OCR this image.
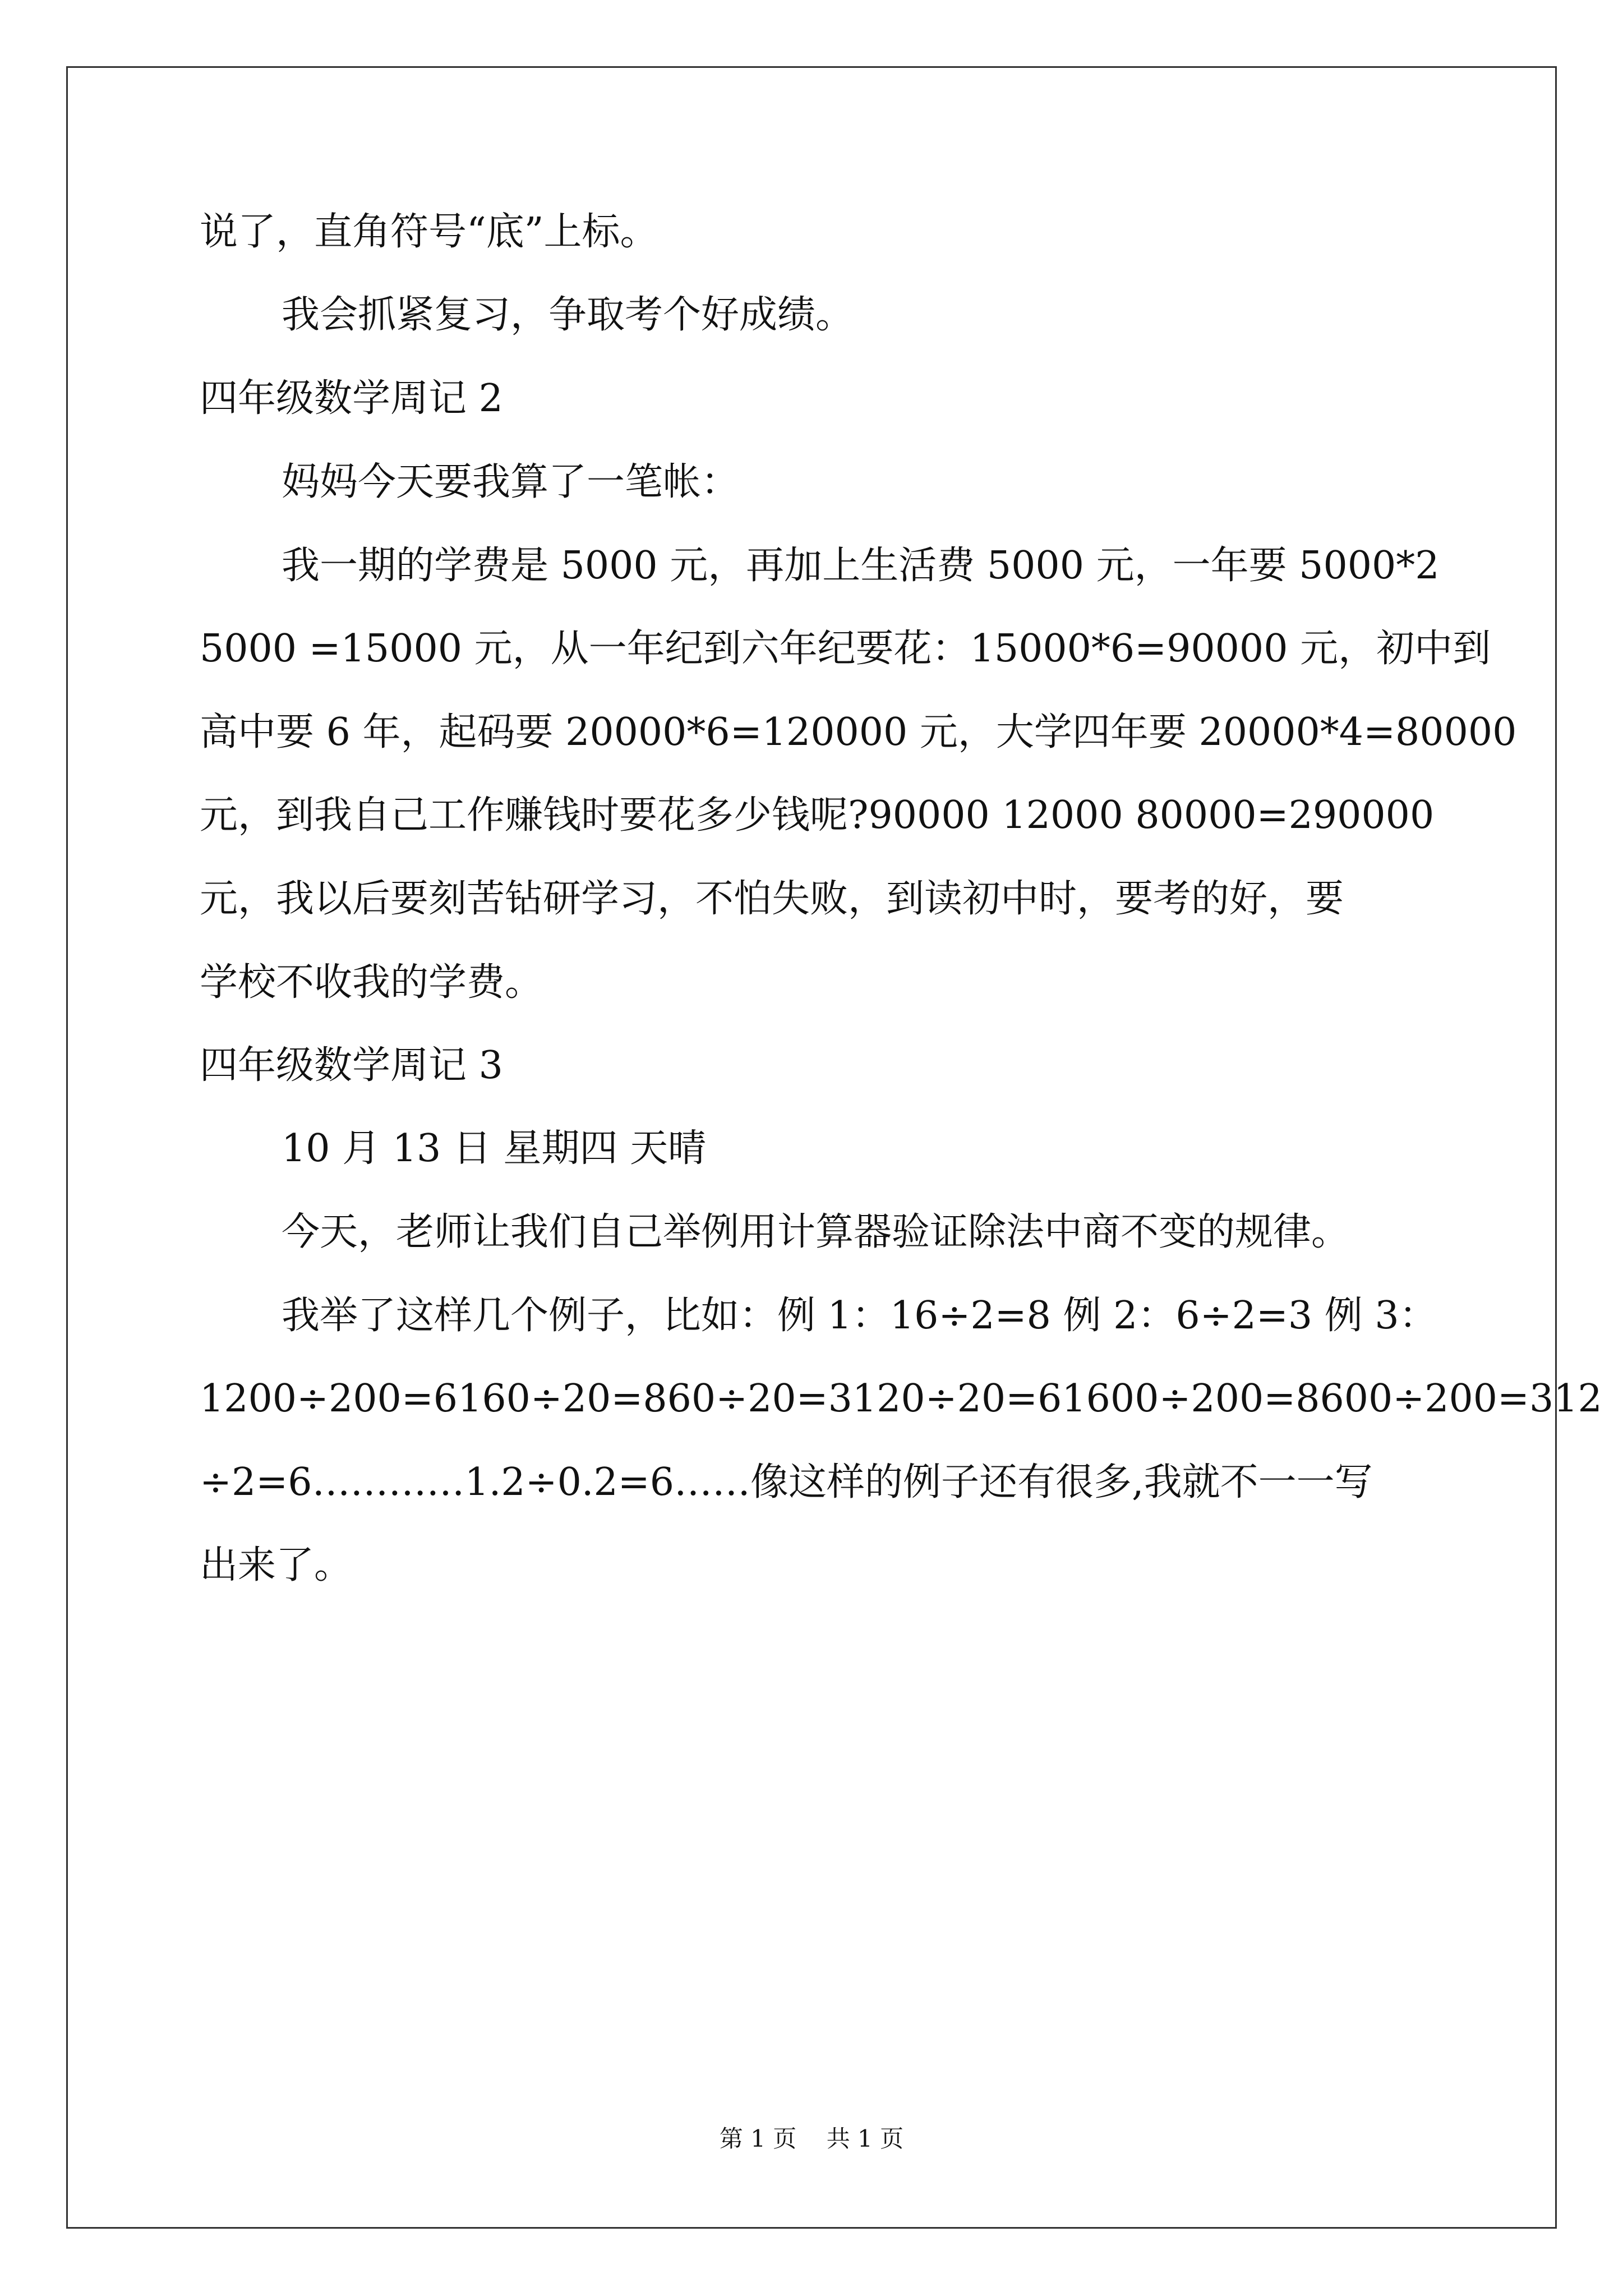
说了，直角符号“底”上标。
我会抓紧复习，争取考个好成绩。
四年级数学周记 2
妈妈今天要我算了一笔帐：
我一期的学费是 5000 元，再加上生活费 5000 元，一年要 5000*2
5000 =15000 元，从一年纪到六年纪要花：15000*6=90000 元，初中到
高中要 6 年，起码要 20000*6=120000 元，大学四年要 20000*4=80000
元，到我自己工作赚钱时要花多少钱呢?90000 12000 80000=290000
元，我以后要刻苦钻研学习，不怕失败，到读初中时，要考的好，要
学校不收我的学费。
四年级数学周记 3
10 月 13 日 星期四 天晴
今天，老师让我们自己举例用计算器验证除法中商不变的规律。
我举了这样几个例子，比如：例 1：16÷2=8 例 2：6÷2=3 例 3：
1200÷200=6160÷20=860÷20=3120÷20=61600÷200=8600÷200=312
÷2=6…………1.2÷0.2=6……像这样的例子还有很多,我就不一一写
出来了。
第 1 页    共 1 页
